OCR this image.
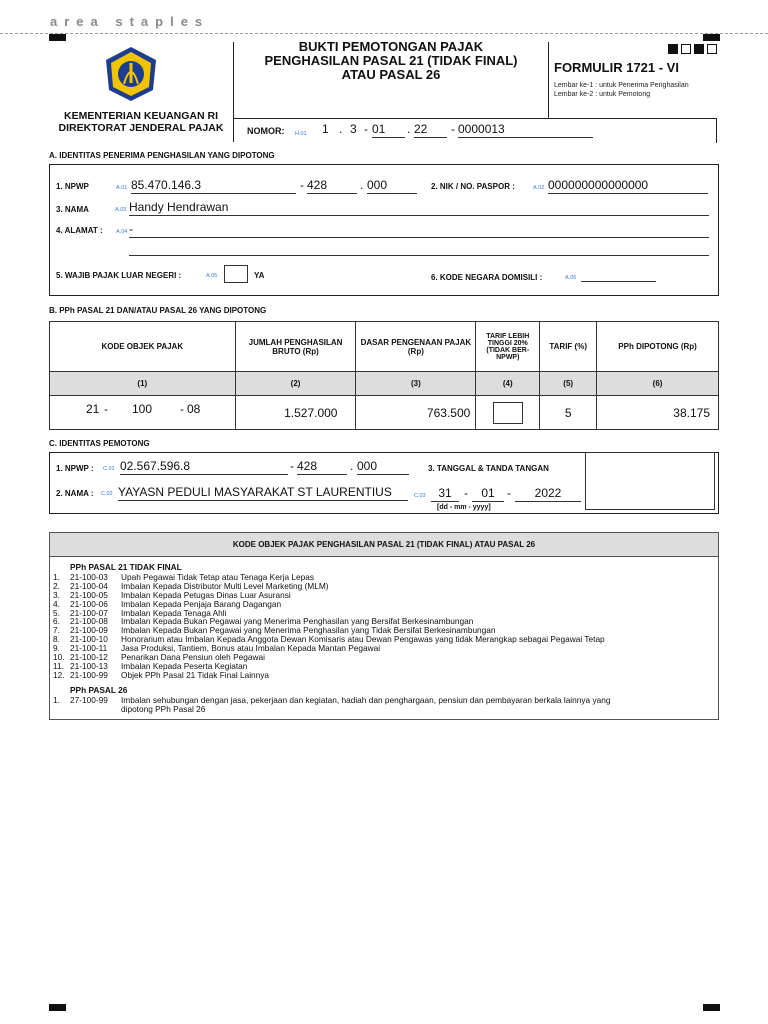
area staples
KEMENTERIAN KEUANGAN RI
DIREKTORAT JENDERAL PAJAK
BUKTI PEMOTONGAN PAJAK
PENGHASILAN PASAL 21 (TIDAK FINAL)
ATAU PASAL 26	FORMULIR 1721 - VI
Lembar ke-1 : untuk Penerima Penghasilan
Lembar ke-2 : untuk Pemotong
NOMOR: H.01 1 . 3 - 01	. 22	- 0000013
A. IDENTITAS PENERIMA PENGHASILAN YANG DIPOTONG
1. NPWP	A.01 85.470.146.3	- 428	. 000	2. NIK / NO. PASPOR :	A.02 000000000000000
3. NAMA	A.03 Handy Hendrawan
4. ALAMAT : A.04 -
5. WAJIB PAJAK LUAR NEGERI :	A.05	YA	6. KODE NEGARA DOMISILI :	A.06
B. PPh PASAL 21 DAN/ATAU PASAL 26 YANG DIPOTONG
KODE OBJEK PAJAK	JUMLAH PENGHASILAN BRUTO (Rp)	DASAR PENGENAAN PAJAK (Rp)	TARIF LEBIH TINGGI 20% (TIDAK BER-NPWP)	TARIF (%)	PPh DIPOTONG (Rp)
(1)	(2)	(3)	(4)	(5)	(6)

21 - 100 - 08	1.527.000	763.500		5	38.175
C. IDENTITAS PEMOTONG
1. NPWP : C.01 02.567.596.8	- 428	. 000	3. TANGGAL & TANDA TANGAN
2. NAMA : C.02 YAYASN PEDULI MASYARAKAT ST LAURENTIUS	C.03	31	-	01	-	2022
[dd - mm - yyyy]
KODE OBJEK PAJAK PENGHASILAN PASAL 21 (TIDAK FINAL) ATAU PASAL 26
PPh PASAL 21 TIDAK FINAL
1.	21-100-03	Upah Pegawai Tidak Tetap atau Tenaga Kerja Lepas
2.	21-100-04	Imbalan Kepada Distributor Multi Level Marketing (MLM)
3.	21-100-05	Imbalan Kepada Petugas Dinas Luar Asuransi
4.	21-100-06	Imbalan Kepada Penjaja Barang Dagangan
5.	21-100-07	Imbalan Kepada Tenaga Ahli
6.	21-100-08	Imbalan Kepada Bukan Pegawai yang Menerima Penghasilan yang Bersifat Berkesinambungan
7.	21-100-09	Imbalan Kepada Bukan Pegawai yang Menerima Penghasilan yang Tidak Bersifat Berkesinambungan
8.	21-100-10	Honorarium atau Imbalan Kepada Anggota Dewan Komisaris atau Dewan Pengawas yang tidak Merangkap sebagai Pegawai Tetap
9.	21-100-11	Jasa Produksi, Tantiem, Bonus atau Imbalan Kepada Mantan Pegawai
10. 21-100-12	Penarikan Dana Pensiun oleh Pegawai
11. 21-100-13	Imbalan Kepada Peserta Kegiatan
12. 21-100-99	Objek PPh Pasal 21 Tidak Final Lainnya
PPh PASAL 26
1.	27-100-99	Imbalan sehubungan dengan jasa, pekerjaan dan kegiatan, hadiah dan penghargaan, pensiun dan pembayaran berkala lainnya yang
dipotong PPh Pasal 26
